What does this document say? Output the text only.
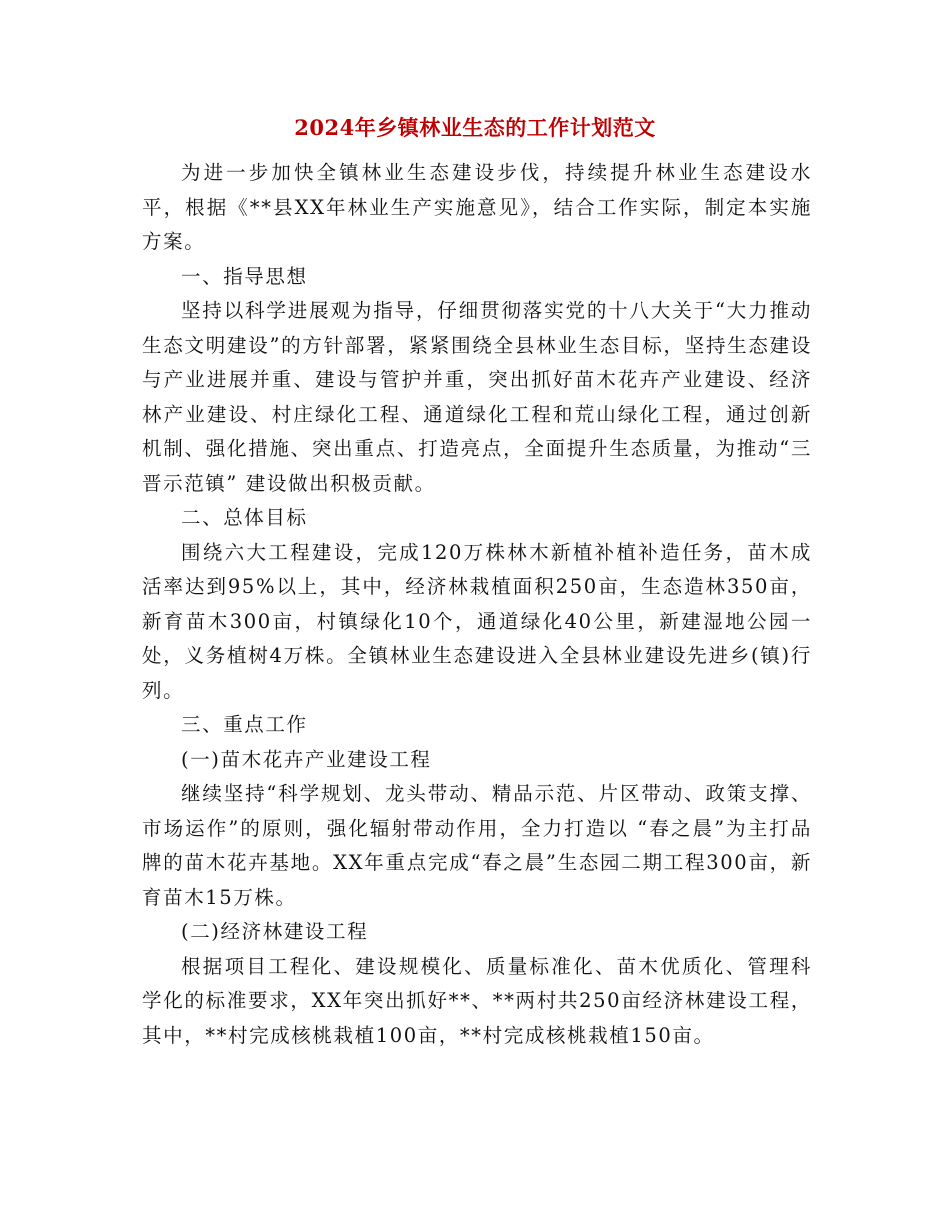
2024年乡镇林业生态的工作计划范文

为进一步加快全镇林业生态建设步伐，持续提升林业生态建设水平，根据《**县XX年林业生产实施意见》，结合工作实际，制定本实施方案。

一、指导思想

坚持以科学进展观为指导，仔细贯彻落实党的十八大关于“大力推动生态文明建设”的方针部署，紧紧围绕全县林业生态目标，坚持生态建设与产业进展并重、建设与管护并重，突出抓好苗木花卉产业建设、经济林产业建设、村庄绿化工程、通道绿化工程和荒山绿化工程，通过创新机制、强化措施、突出重点、打造亮点，全面提升生态质量，为推动“三晋示范镇” 建设做出积极贡献。

二、总体目标

围绕六大工程建设，完成120万株林木新植补植补造任务，苗木成活率达到95%以上，其中，经济林栽植面积250亩，生态造林350亩，新育苗木300亩，村镇绿化10个，通道绿化40公里，新建湿地公园一处，义务植树4万株。全镇林业生态建设进入全县林业建设先进乡(镇)行列。

三、重点工作

(一)苗木花卉产业建设工程

继续坚持“科学规划、龙头带动、精品示范、片区带动、政策支撑、市场运作”的原则，强化辐射带动作用，全力打造以 “春之晨”为主打品牌的苗木花卉基地。XX年重点完成“春之晨”生态园二期工程300亩，新育苗木15万株。

(二)经济林建设工程

根据项目工程化、建设规模化、质量标准化、苗木优质化、管理科学化的标准要求，XX年突出抓好**、**两村共250亩经济林建设工程，其中，**村完成核桃栽植100亩，**村完成核桃栽植150亩。
